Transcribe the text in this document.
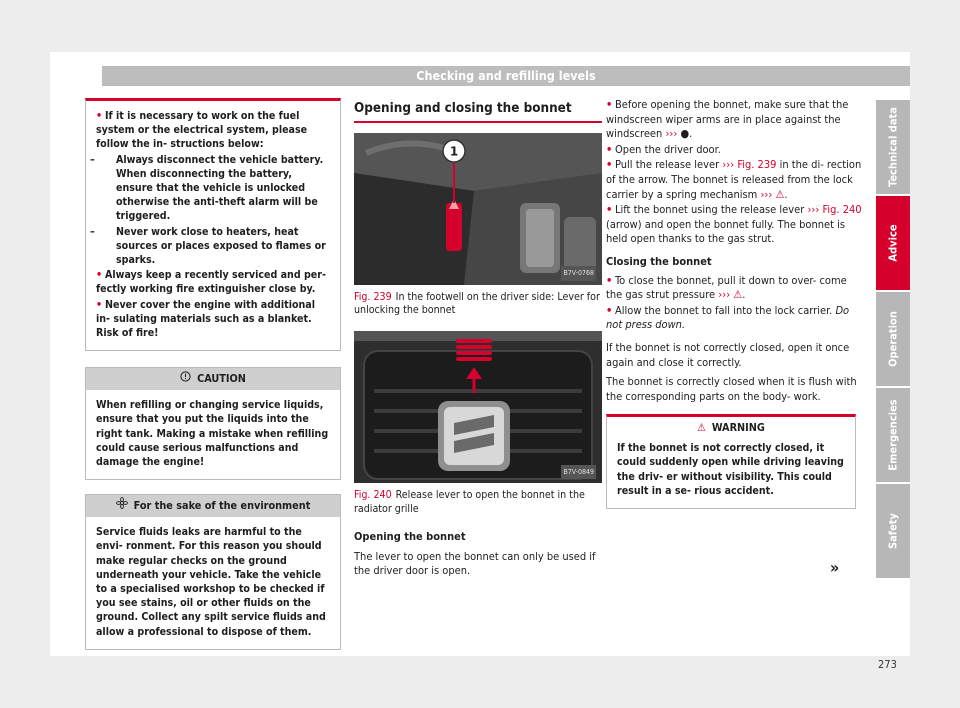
Checking and refilling levels

• If it is necessary to work on the fuel system or the electrical system, please follow the in- structions below:

– Always disconnect the vehicle battery. When disconnecting the battery, ensure that the vehicle is unlocked otherwise the anti-theft alarm will be triggered.

– Never work close to heaters, heat sources or places exposed to flames or sparks.

• Always keep a recently serviced and per- fectly working fire extinguisher close by.

• Never cover the engine with additional in- sulating materials such as a blanket. Risk of fire!

CAUTION
When refilling or changing service liquids, ensure that you put the liquids into the right tank. Making a mistake when refilling could cause serious malfunctions and damage the engine!
For the sake of the environment
Service fluids leaks are harmful to the envi- ronment. For this reason you should make regular checks on the ground underneath your vehicle. Take the vehicle to a specialised workshop to be checked if you see stains, oil or other fluids on the ground. Collect any spilt service fluids and allow a professional to dispose of them.
Opening and closing the bonnet
1
B7V-0768

Fig. 239 In the footwell on the driver side: Lever for unlocking the bonnet

B7V-0849

Fig. 240 Release lever to open the bonnet in the radiator grille

Opening the bonnet

The lever to open the bonnet can only be used if the driver door is open.

• Before opening the bonnet, make sure that the windscreen wiper arms are in place against the windscreen ››› ●.

• Open the driver door.

• Pull the release lever ››› Fig. 239 in the di- rection of the arrow. The bonnet is released from the lock carrier by a spring mechanism ››› ⚠.

• Lift the bonnet using the release lever ››› Fig. 240 (arrow) and open the bonnet fully. The bonnet is held open thanks to the gas strut.

Closing the bonnet

• To close the bonnet, pull it down to over- come the gas strut pressure ››› ⚠.

• Allow the bonnet to fall into the lock carrier. Do not press down.

If the bonnet is not correctly closed, open it once again and close it correctly.

The bonnet is correctly closed when it is flush with the corresponding parts on the body- work.

⚠ WARNING
If the bonnet is not correctly closed, it could suddenly open while driving leaving the driv- er without visibility. This could result in a se- rious accident.
»
Technical data
Advice
Operation
Emergencies
Safety
273
